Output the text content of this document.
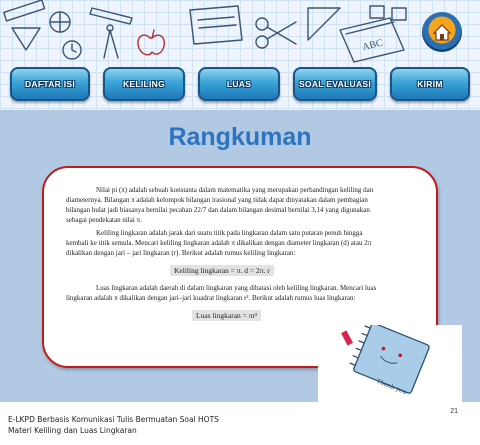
ABC
DAFTAR ISI	KELILING	LUAS	SOAL EVALUASI	KIRIM
Rangkuman
Nilai pi (π) adalah sebuah konstanta dalam matematika yang merupakan perbandingan keliling dan
diameternya. Bilangan π adalah kelompok bilangan irasional yang tidak dapat dinyatakan dalam pembagian
bilangan bulat jadi biasanya bernilai pecahan 22/7 dan dalam bilangan desimal bernilai 3,14 yang digunakan
sebagai pendekatan nilai π.
Keliling lingkaran adalah jarak dari suatu titik pada lingkaran dalam satu putaran penuh hingga
kembali ke titik semula. Mencari keliling lingkaran adalah π dikalikan dengan diameter lingkaran (d) atau 2π
dikalikan dengan jari – jari lingkaran (r). Berikut adalah rumus keliling lingkaran:
Keliling lingkaran = π. d = 2π. r
Luas lingkaran adalah daerah di dalam lingkaran yang dibatasi oleh keliling lingkaran. Mencari luas
lingkaran adalah π dikalikan dengan jari–jari kuadrat lingkaran r². Berikut adalah rumus luas lingkaran:
Luas lingkaran = πr²
Thank you
21
E-LKPD Berbasis Komunikasi Tulis Bermuatan Soal HOTS
Materi Keliling dan Luas Lingkaran
